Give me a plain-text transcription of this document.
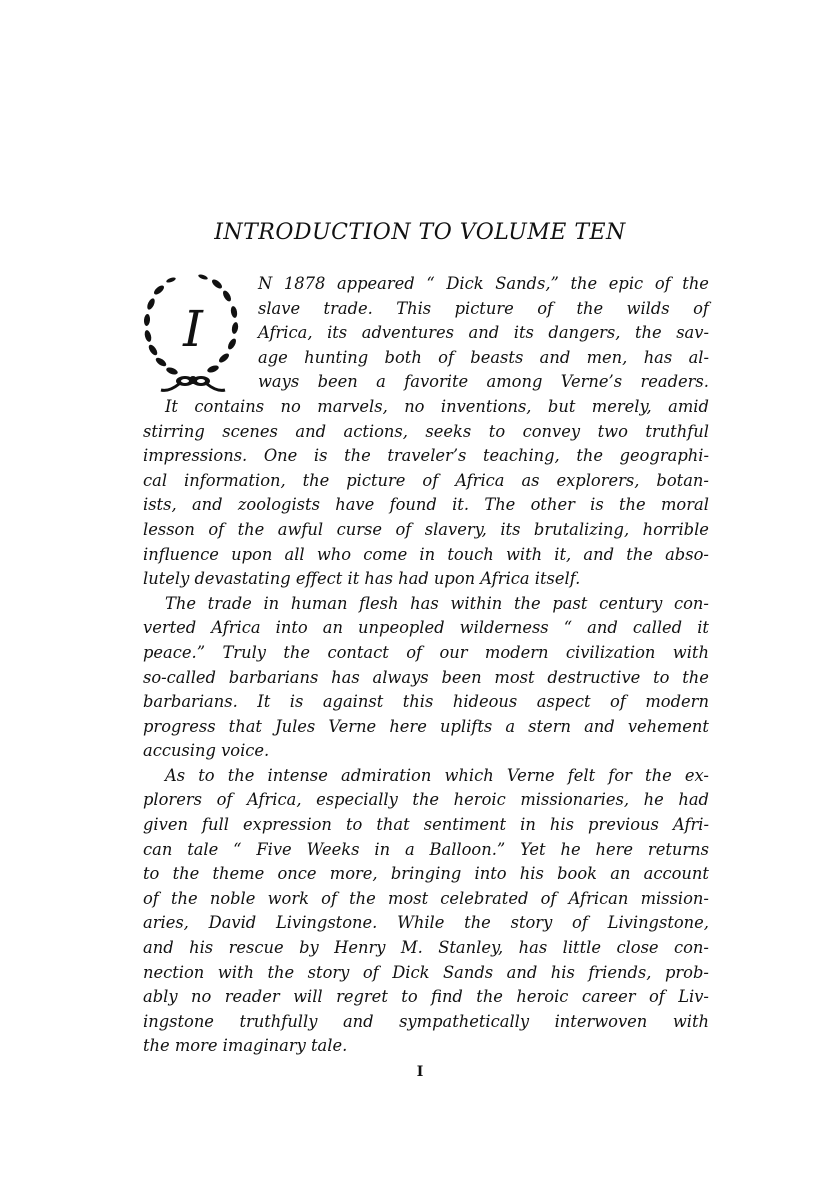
INTRODUCTION TO VOLUME TEN
I
N 1878 appeared “ Dick Sands,” the epic of the
slave trade. This picture of the wilds of
Africa, its adventures and its dangers, the sav-
age hunting both of beasts and men, has al-
ways been a favorite among Verne’s readers.
It contains no marvels, no inventions, but merely, amid
stirring scenes and actions, seeks to convey two truthful
impressions. One is the traveler’s teaching, the geographi-
cal information, the picture of Africa as explorers, botan-
ists, and zoologists have found it. The other is the moral
lesson of the awful curse of slavery, its brutalizing, horrible
influence upon all who come in touch with it, and the abso-
lutely devastating effect it has had upon Africa itself.
The trade in human flesh has within the past century con-
verted Africa into an unpeopled wilderness “ and called it
peace.” Truly the contact of our modern civilization with
so-called barbarians has always been most destructive to the
barbarians. It is against this hideous aspect of modern
progress that Jules Verne here uplifts a stern and vehement
accusing voice.
As to the intense admiration which Verne felt for the ex-
plorers of Africa, especially the heroic missionaries, he had
given full expression to that sentiment in his previous Afri-
can tale “ Five Weeks in a Balloon.” Yet he here returns
to the theme once more, bringing into his book an account
of the noble work of the most celebrated of African mission-
aries, David Livingstone. While the story of Livingstone,
and his rescue by Henry M. Stanley, has little close con-
nection with the story of Dick Sands and his friends, prob-
ably no reader will regret to find the heroic career of Liv-
ingstone truthfully and sympathetically interwoven with
the more imaginary tale.
I
